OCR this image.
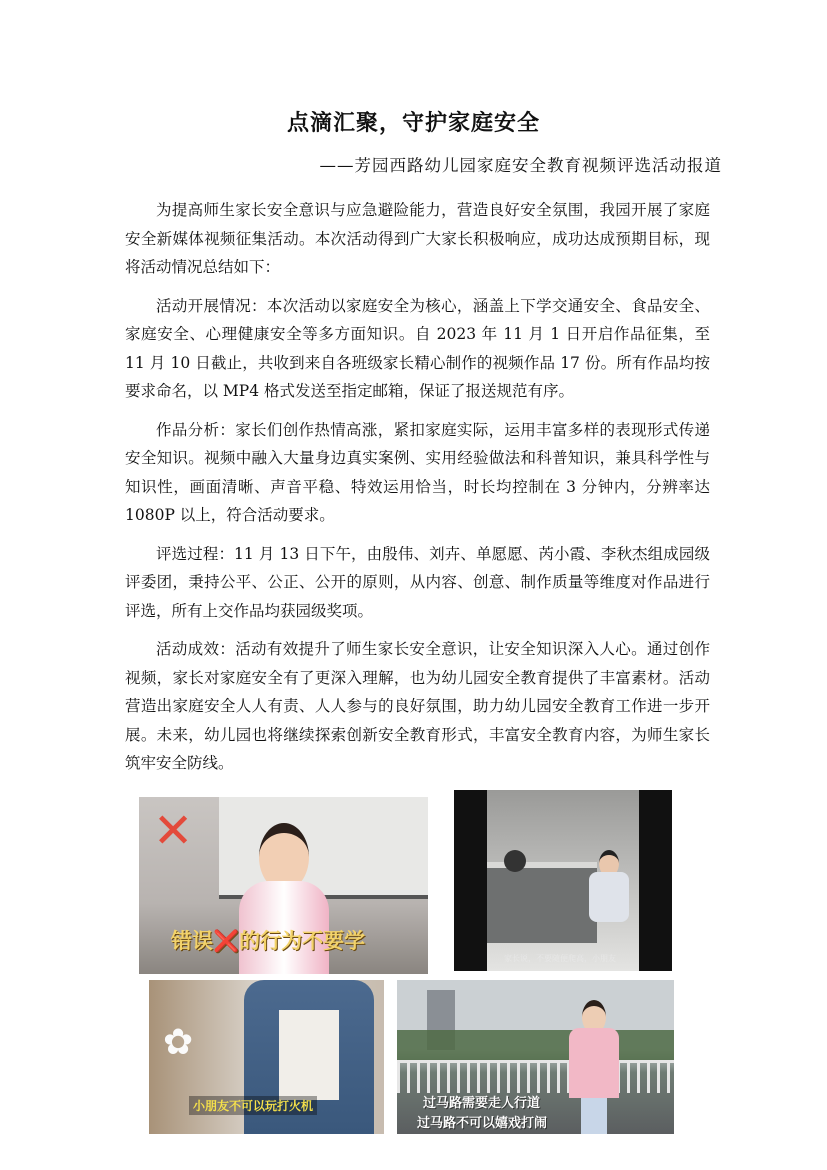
点滴汇聚，守护家庭安全

——芳园西路幼儿园家庭安全教育视频评选活动报道

为提高师生家长安全意识与应急避险能力，营造良好安全氛围，我园开展了家庭安全新媒体视频征集活动。本次活动得到广大家长积极响应，成功达成预期目标，现将活动情况总结如下：

活动开展情况：本次活动以家庭安全为核心，涵盖上下学交通安全、食品安全、家庭安全、心理健康安全等多方面知识。自 2023 年 11 月 1 日开启作品征集，至 11 月 10 日截止，共收到来自各班级家长精心制作的视频作品 17 份。所有作品均按要求命名，以 MP4 格式发送至指定邮箱，保证了报送规范有序。

作品分析：家长们创作热情高涨，紧扣家庭实际，运用丰富多样的表现形式传递安全知识。视频中融入大量身边真实案例、实用经验做法和科普知识，兼具科学性与知识性，画面清晰、声音平稳、特效运用恰当，时长均控制在 3 分钟内，分辨率达 1080P 以上，符合活动要求。

评选过程：11 月 13 日下午，由殷伟、刘卉、单愿愿、芮小霞、李秋杰组成园级评委团，秉持公平、公正、公开的原则，从内容、创意、制作质量等维度对作品进行评选，所有上交作品均获园级奖项。

活动成效：活动有效提升了师生家长安全意识，让安全知识深入人心。通过创作视频，家长对家庭安全有了更深入理解，也为幼儿园安全教育提供了丰富素材。活动营造出家庭安全人人有责、人人参与的良好氛围，助力幼儿园安全教育工作进一步开展。未来，幼儿园也将继续探索创新安全教育形式，丰富安全教育内容，为师生家长筑牢安全防线。

✕
错误❌的行为不要学
家长说，不要随便爬高，小朋友
✿
小朋友不可以玩打火机	过马路需要走人行道
过马路不可以嬉戏打闹
